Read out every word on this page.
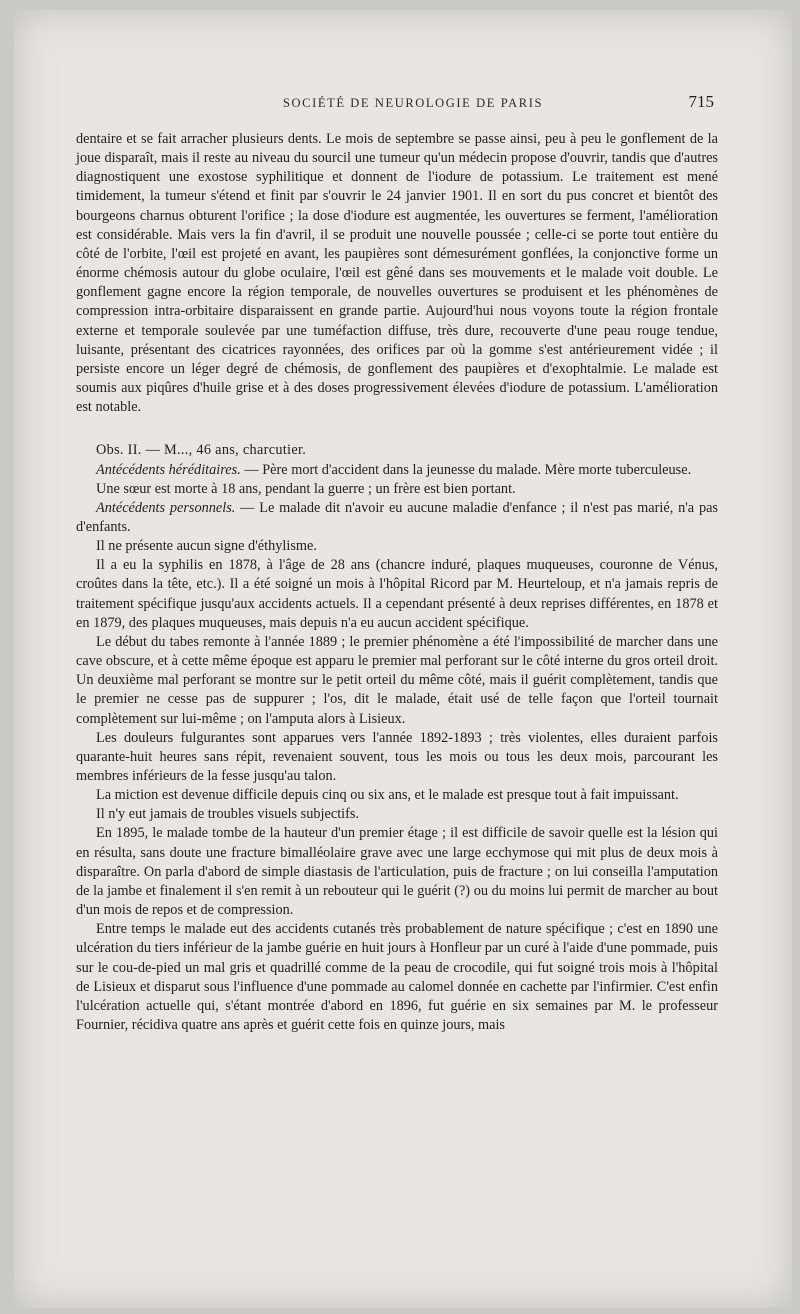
SOCIÉTÉ DE NEUROLOGIE DE PARIS	715

dentaire et se fait arracher plusieurs dents. Le mois de septembre se passe ainsi, peu à peu le gonflement de la joue disparaît, mais il reste au niveau du sourcil une tumeur qu'un médecin propose d'ouvrir, tandis que d'autres diagnostiquent une exostose syphilitique et donnent de l'iodure de potassium. Le traitement est mené timidement, la tumeur s'étend et finit par s'ouvrir le 24 janvier 1901. Il en sort du pus concret et bientôt des bourgeons charnus obturent l'orifice ; la dose d'iodure est augmentée, les ouvertures se ferment, l'amélioration est considérable. Mais vers la fin d'avril, il se produit une nouvelle poussée ; celle-ci se porte tout entière du côté de l'orbite, l'œil est projeté en avant, les paupières sont démesurément gonflées, la conjonctive forme un énorme chémosis autour du globe oculaire, l'œil est gêné dans ses mouvements et le malade voit double. Le gonflement gagne encore la région temporale, de nouvelles ouvertures se produisent et les phénomènes de compression intra-orbitaire disparaissent en grande partie. Aujourd'hui nous voyons toute la région frontale externe et temporale soulevée par une tuméfaction diffuse, très dure, recouverte d'une peau rouge tendue, luisante, présentant des cicatrices rayonnées, des orifices par où la gomme s'est antérieurement vidée ; il persiste encore un léger degré de chémosis, de gonflement des paupières et d'exophtalmie. Le malade est soumis aux piqûres d'huile grise et à des doses progressivement élevées d'iodure de potassium. L'amélioration est notable.

Obs. II. — M..., 46 ans, charcutier.

Antécédents héréditaires. — Père mort d'accident dans la jeunesse du malade. Mère morte tuberculeuse.

Une sœur est morte à 18 ans, pendant la guerre ; un frère est bien portant.

Antécédents personnels. — Le malade dit n'avoir eu aucune maladie d'enfance ; il n'est pas marié, n'a pas d'enfants.

Il ne présente aucun signe d'éthylisme.

Il a eu la syphilis en 1878, à l'âge de 28 ans (chancre induré, plaques muqueuses, couronne de Vénus, croûtes dans la tête, etc.). Il a été soigné un mois à l'hôpital Ricord par M. Heurteloup, et n'a jamais repris de traitement spécifique jusqu'aux accidents actuels. Il a cependant présenté à deux reprises différentes, en 1878 et en 1879, des plaques muqueuses, mais depuis n'a eu aucun accident spécifique.

Le début du tabes remonte à l'année 1889 ; le premier phénomène a été l'impossibilité de marcher dans une cave obscure, et à cette même époque est apparu le premier mal perforant sur le côté interne du gros orteil droit. Un deuxième mal perforant se montre sur le petit orteil du même côté, mais il guérit complètement, tandis que le premier ne cesse pas de suppurer ; l'os, dit le malade, était usé de telle façon que l'orteil tournait complètement sur lui-même ; on l'amputa alors à Lisieux.

Les douleurs fulgurantes sont apparues vers l'année 1892-1893 ; très violentes, elles duraient parfois quarante-huit heures sans répit, revenaient souvent, tous les mois ou tous les deux mois, parcourant les membres inférieurs de la fesse jusqu'au talon.

La miction est devenue difficile depuis cinq ou six ans, et le malade est presque tout à fait impuissant.

Il n'y eut jamais de troubles visuels subjectifs.

En 1895, le malade tombe de la hauteur d'un premier étage ; il est difficile de savoir quelle est la lésion qui en résulta, sans doute une fracture bimalléolaire grave avec une large ecchymose qui mit plus de deux mois à disparaître. On parla d'abord de simple diastasis de l'articulation, puis de fracture ; on lui conseilla l'amputation de la jambe et finalement il s'en remit à un rebouteur qui le guérit (?) ou du moins lui permit de marcher au bout d'un mois de repos et de compression.

Entre temps le malade eut des accidents cutanés très probablement de nature spécifique ; c'est en 1890 une ulcération du tiers inférieur de la jambe guérie en huit jours à Honfleur par un curé à l'aide d'une pommade, puis sur le cou-de-pied un mal gris et quadrillé comme de la peau de crocodile, qui fut soigné trois mois à l'hôpital de Lisieux et disparut sous l'influence d'une pommade au calomel donnée en cachette par l'infirmier. C'est enfin l'ulcération actuelle qui, s'étant montrée d'abord en 1896, fut guérie en six semaines par M. le professeur Fournier, récidiva quatre ans après et guérit cette fois en quinze jours, mais
